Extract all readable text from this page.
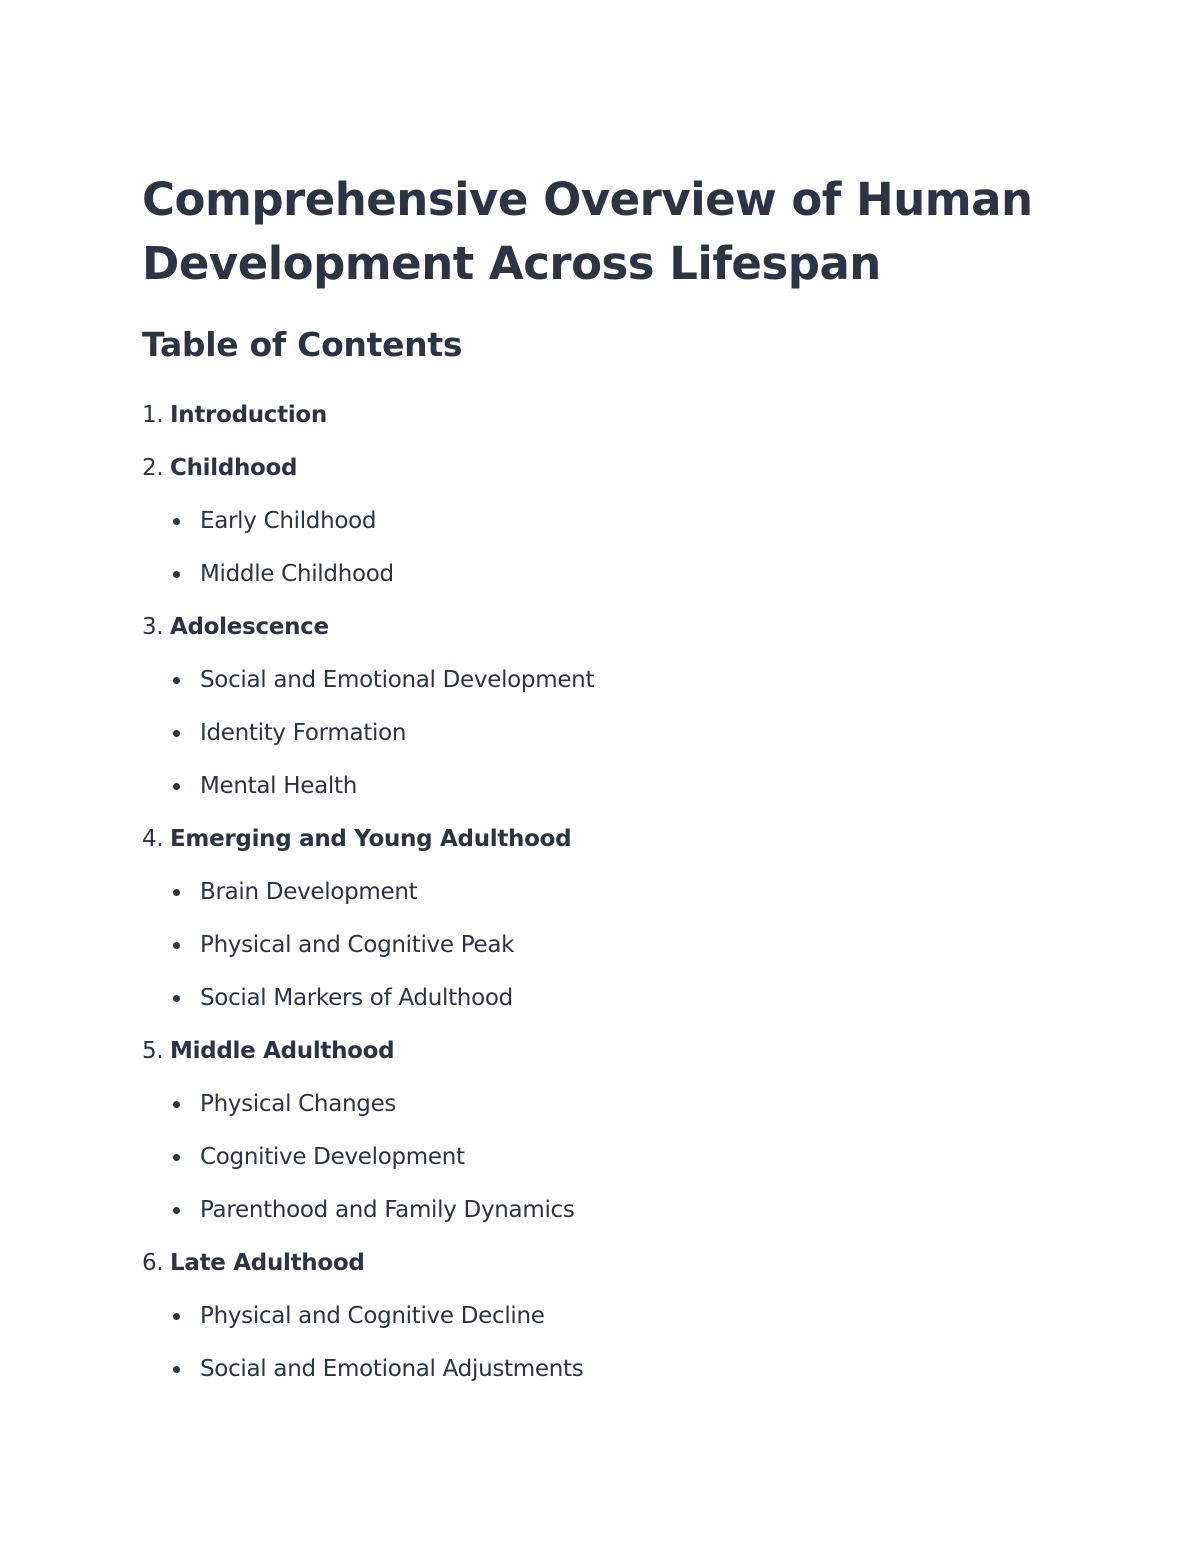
Comprehensive Overview of Human
Development Across Lifespan
Table of Contents
1. Introduction
2. Childhood
Early Childhood
Middle Childhood
3. Adolescence
Social and Emotional Development
Identity Formation
Mental Health
4. Emerging and Young Adulthood
Brain Development
Physical and Cognitive Peak
Social Markers of Adulthood
5. Middle Adulthood
Physical Changes
Cognitive Development
Parenthood and Family Dynamics
6. Late Adulthood
Physical and Cognitive Decline
Social and Emotional Adjustments
